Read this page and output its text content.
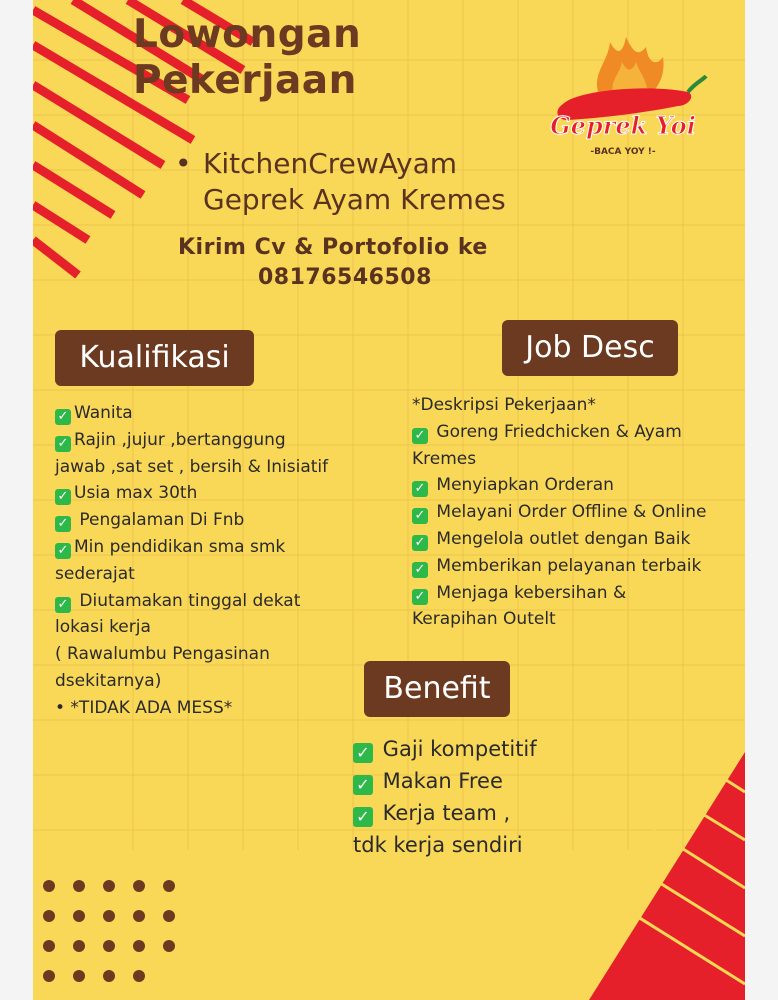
Lowongan
Pekerjaan
Geprek Yoi
-BACA YOY !-
• KitchenCrewAyam
Geprek Ayam Kremes
Kirim Cv & Portofolio ke
08176546508
Kualifikasi	Job Desc
Benefit
✓ Wanita
✓ Rajin ,jujur ,bertanggung
jawab ,sat set , bersih & Inisiatif
✓ Usia max 30th
✓ Pengalaman Di Fnb
✓ Min pendidikan sma smk
sederajat
✓ Diutamakan tinggal dekat
lokasi kerja
( Rawalumbu Pengasinan
dsekitarnya)
• *TIDAK ADA MESS*
*Deskripsi Pekerjaan*
✓ Goreng Friedchicken & Ayam
Kremes
✓ Menyiapkan Orderan
✓ Melayani Order Offline & Online
✓ Mengelola outlet dengan Baik
✓ Memberikan pelayanan terbaik
✓ Menjaga kebersihan &
Kerapihan Outelt
✓ Gaji kompetitif
✓ Makan Free
✓ Kerja team ,
tdk kerja sendiri
